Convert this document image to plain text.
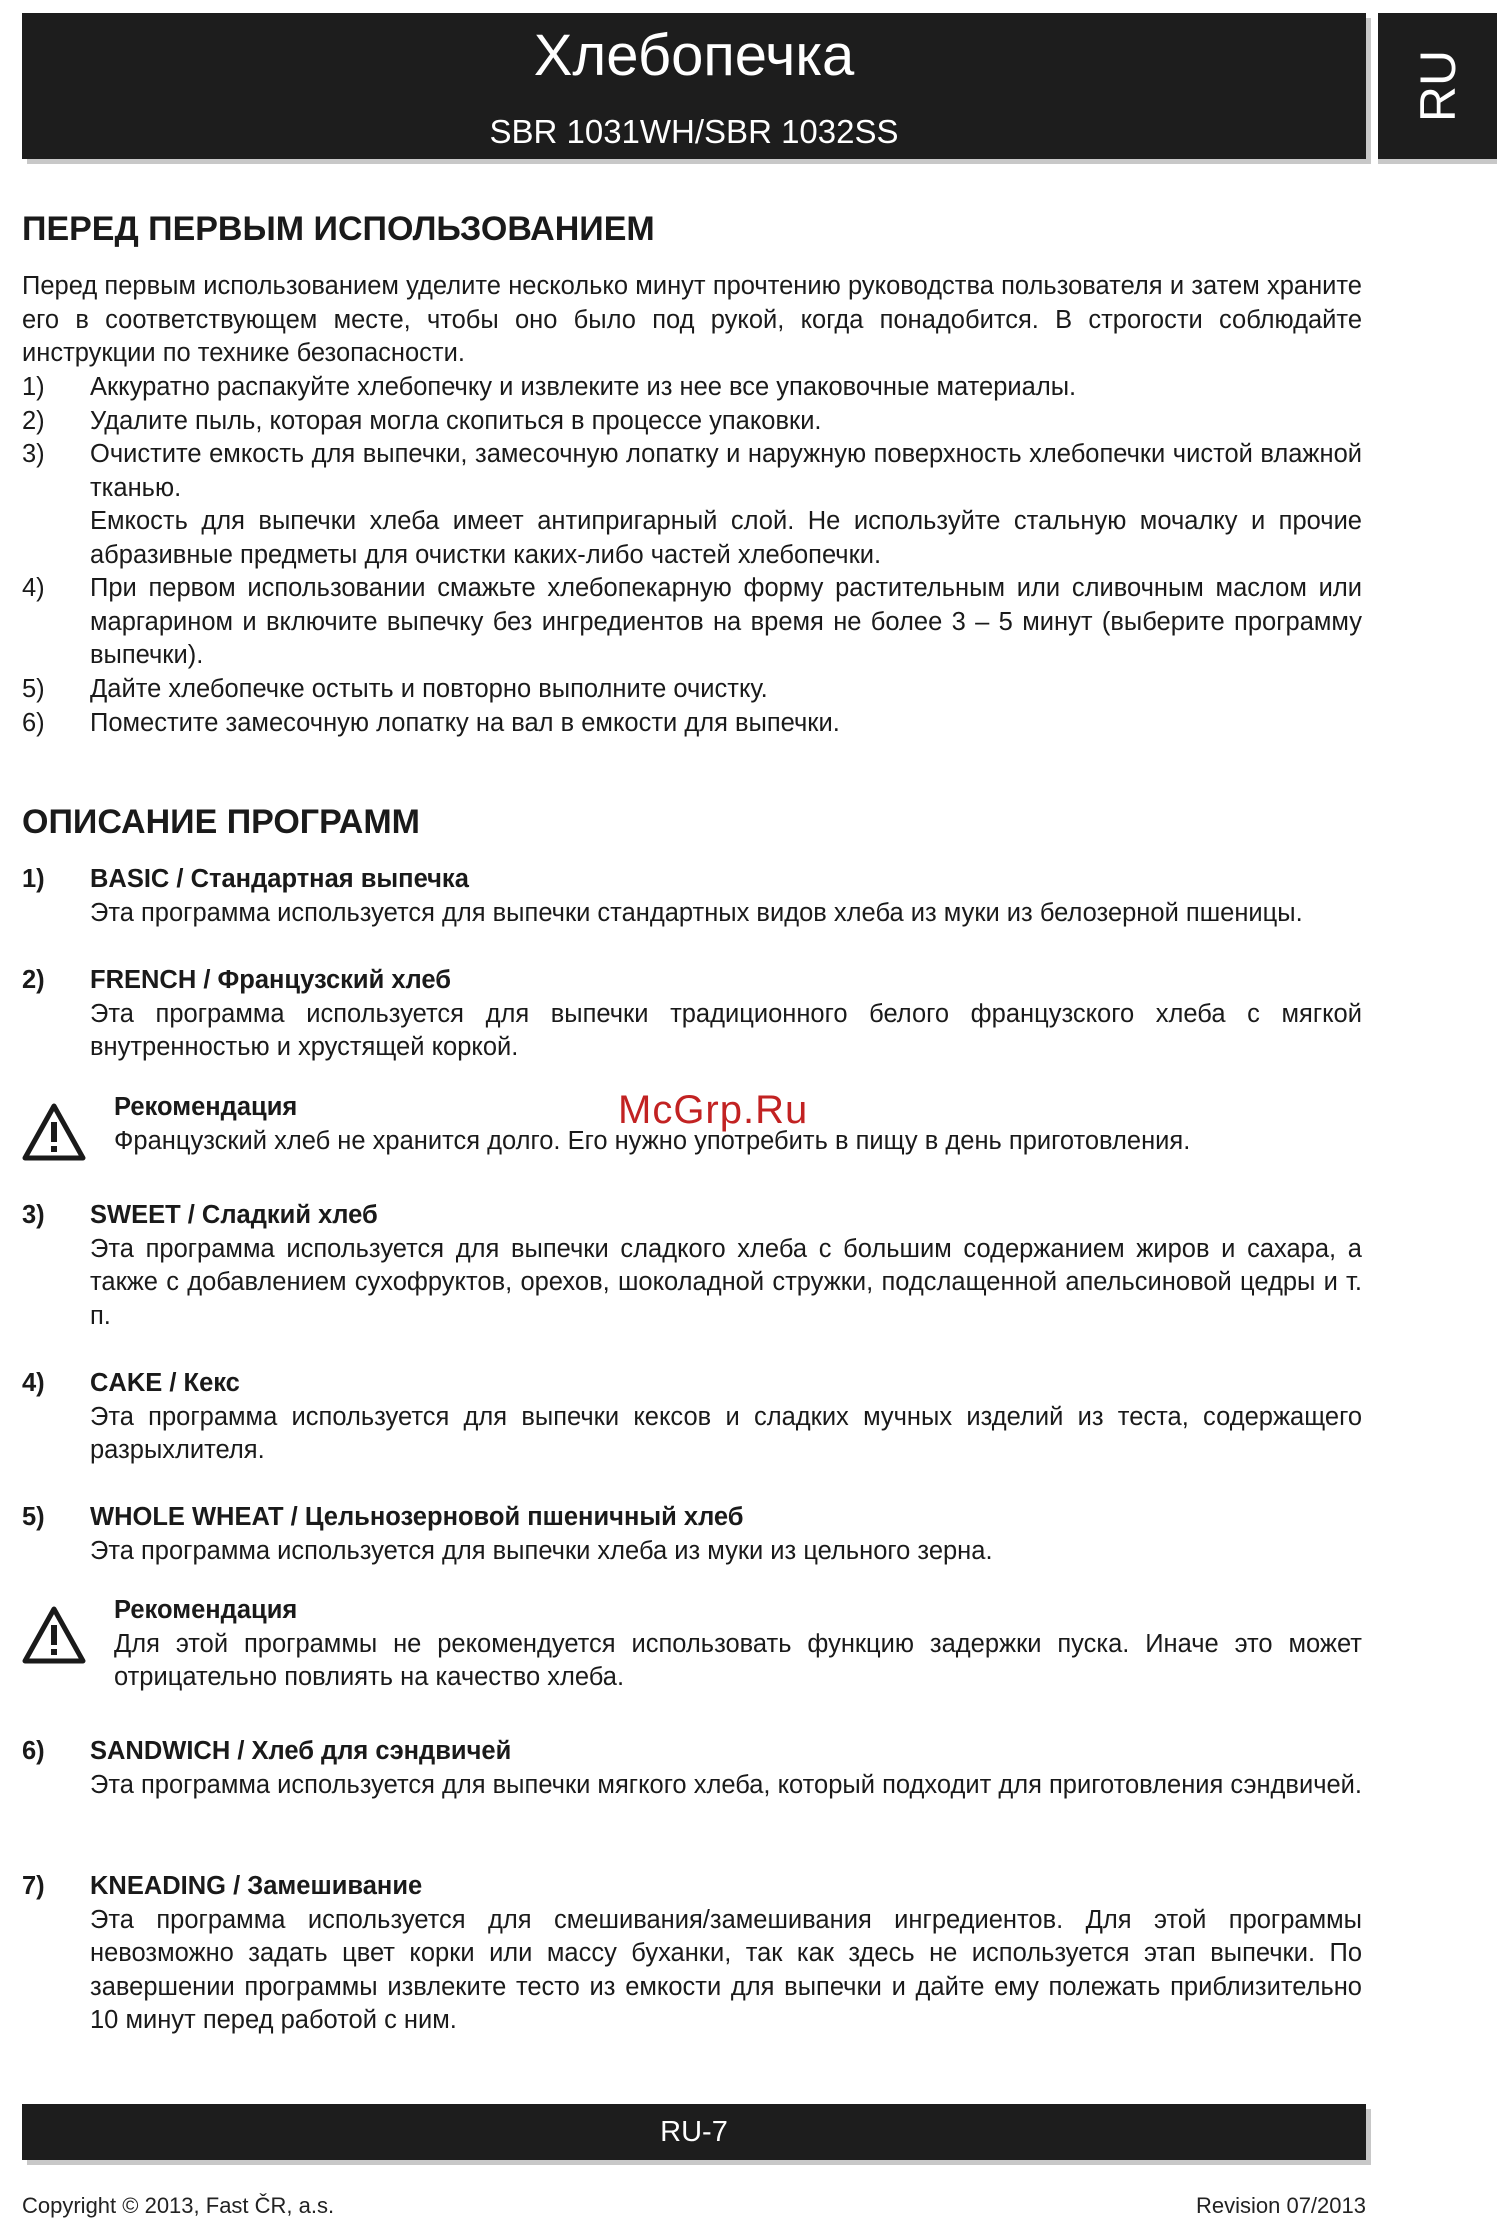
Хлебопечка
SBR 1031WH/SBR 1032SS
RU
ПЕРЕД ПЕРВЫМ ИСПОЛЬЗОВАНИЕМ
Перед первым использованием уделите несколько минут прочтению руководства пользователя и затем храните его в соответствующем месте, чтобы оно было под рукой, когда понадобится. В строгости соблюдайте инструкции по технике безопасности.
1) Аккуратно распакуйте хлебопечку и извлеките из нее все упаковочные материалы.
2) Удалите пыль, которая могла скопиться в процессе упаковки.
3) Очистите емкость для выпечки, замесочную лопатку и наружную поверхность хлебопечки чистой влажной тканью.
Емкость для выпечки хлеба имеет антипригарный слой. Не используйте стальную мочалку и прочие абразивные предметы для очистки каких-либо частей хлебопечки.
4) При первом использовании смажьте хлебопекарную форму растительным или сливочным маслом или маргарином и включите выпечку без ингредиентов на время не более 3 – 5 минут (выберите программу выпечки).
5) Дайте хлебопечке остыть и повторно выполните очистку.
6) Поместите замесочную лопатку на вал в емкости для выпечки.
ОПИСАНИЕ ПРОГРАММ
1) BASIC / Стандартная выпечка
Эта программа используется для выпечки стандартных видов хлеба из муки из белозерной пшеницы.
2) FRENCH / Французский хлеб
Эта программа используется для выпечки традиционного белого французского хлеба с мягкой внутренностью и хрустящей коркой.
Рекомендация
Французский хлеб не хранится долго. Его нужно употребить в пищу в день приготовления.
3) SWEET / Сладкий хлеб
Эта программа используется для выпечки сладкого хлеба с большим содержанием жиров и сахара, а также с добавлением сухофруктов, орехов, шоколадной стружки, подслащенной апельсиновой цедры и т. п.
4) CAKE / Кекс
Эта программа используется для выпечки кексов и сладких мучных изделий из теста, содержащего разрыхлителя.
5) WHOLE WHEAT / Цельнозерновой пшеничный хлеб
Эта программа используется для выпечки хлеба из муки из цельного зерна.
Рекомендация
Для этой программы не рекомендуется использовать функцию задержки пуска. Иначе это может отрицательно повлиять на качество хлеба.
6) SANDWICH / Хлеб для сэндвичей
Эта программа используется для выпечки мягкого хлеба, который подходит для приготовления сэндвичей.
7) KNEADING / Замешивание
Эта программа используется для смешивания/замешивания ингредиентов. Для этой программы невозможно задать цвет корки или массу буханки, так как здесь не используется этап выпечки. По завершении программы извлеките тесто из емкости для выпечки и дайте ему полежать приблизительно 10 минут перед работой с ним.
McGrp.Ru
RU-7
Copyright © 2013, Fast ČR, a.s.	Revision 07/2013
